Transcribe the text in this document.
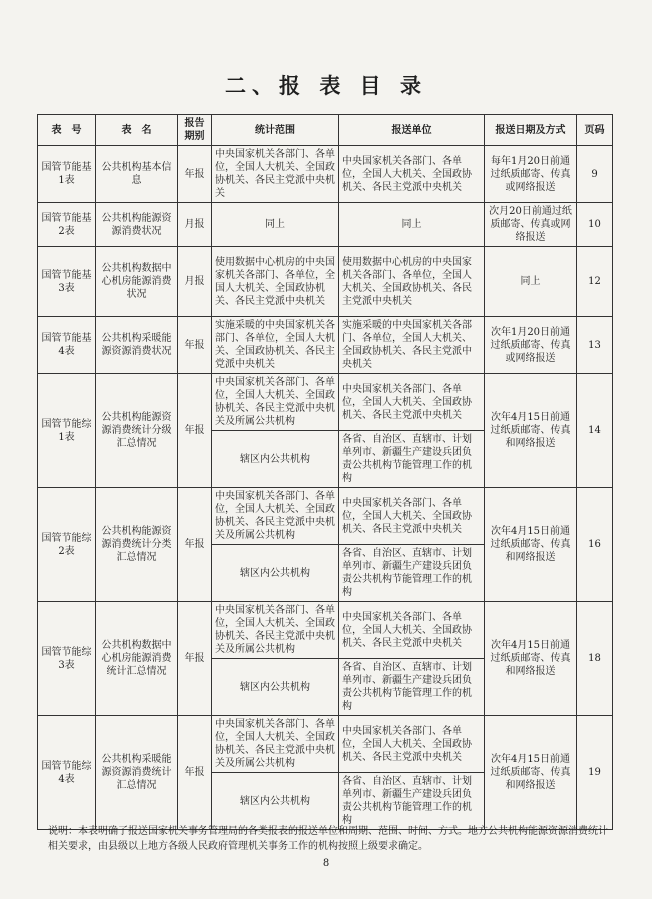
二、报 表 目 录
表　号	表　名	报告期别	统计范围	报送单位	报送日期及方式	页码
国管节能基1表	公共机构基本信息	年报	中央国家机关各部门、各单位，全国人大机关、全国政协机关、各民主党派中央机关	中央国家机关各部门、各单位，全国人大机关、全国政协机关、各民主党派中央机关	每年1月20日前通过纸质邮寄、传真或网络报送	9
国管节能基2表	公共机构能源资源消费状况	月报	同上	同上	次月20日前通过纸质邮寄、传真或网络报送	10
国管节能基3表	公共机构数据中心机房能源消费状况	月报	使用数据中心机房的中央国家机关各部门、各单位，全国人大机关、全国政协机关、各民主党派中央机关	使用数据中心机房的中央国家机关各部门、各单位，全国人大机关、全国政协机关、各民主党派中央机关	同上	12
国管节能基4表	公共机构采暖能源资源消费状况	年报	实施采暖的中央国家机关各部门、各单位，全国人大机关、全国政协机关、各民主党派中央机关	实施采暖的中央国家机关各部门、各单位，全国人大机关、全国政协机关、各民主党派中央机关	次年1月20日前通过纸质邮寄、传真或网络报送	13
国管节能综1表	公共机构能源资源消费统计分级汇总情况	年报	中央国家机关各部门、各单位，全国人大机关、全国政协机关、各民主党派中央机关及所属公共机构	中央国家机关各部门、各单位，全国人大机关、全国政协机关、各民主党派中央机关	次年4月15日前通过纸质邮寄、传真和网络报送	14
			辖区内公共机构	各省、自治区、直辖市、计划单列市、新疆生产建设兵团负责公共机构节能管理工作的机构		
国管节能综2表	公共机构能源资源消费统计分类汇总情况	年报	中央国家机关各部门、各单位，全国人大机关、全国政协机关、各民主党派中央机关及所属公共机构	中央国家机关各部门、各单位，全国人大机关、全国政协机关、各民主党派中央机关	次年4月15日前通过纸质邮寄、传真和网络报送	16
			辖区内公共机构	各省、自治区、直辖市、计划单列市、新疆生产建设兵团负责公共机构节能管理工作的机构		
国管节能综3表	公共机构数据中心机房能源消费统计汇总情况	年报	中央国家机关各部门、各单位，全国人大机关、全国政协机关、各民主党派中央机关及所属公共机构	中央国家机关各部门、各单位，全国人大机关、全国政协机关、各民主党派中央机关	次年4月15日前通过纸质邮寄、传真和网络报送	18
			辖区内公共机构	各省、自治区、直辖市、计划单列市、新疆生产建设兵团负责公共机构节能管理工作的机构		
国管节能综4表	公共机构采暖能源资源消费统计汇总情况	年报	中央国家机关各部门、各单位，全国人大机关、全国政协机关、各民主党派中央机关及所属公共机构	中央国家机关各部门、各单位，全国人大机关、全国政协机关、各民主党派中央机关	次年4月15日前通过纸质邮寄、传真和网络报送	19
			辖区内公共机构	各省、自治区、直辖市、计划单列市、新疆生产建设兵团负责公共机构节能管理工作的机构		
说明：本表明确了报送国家机关事务管理局的各类报表的报送单位和周期、范围、时间、方式。地方公共机构能源资源消费统计相关要求，由县级以上地方各级人民政府管理机关事务工作的机构按照上级要求确定。
8
